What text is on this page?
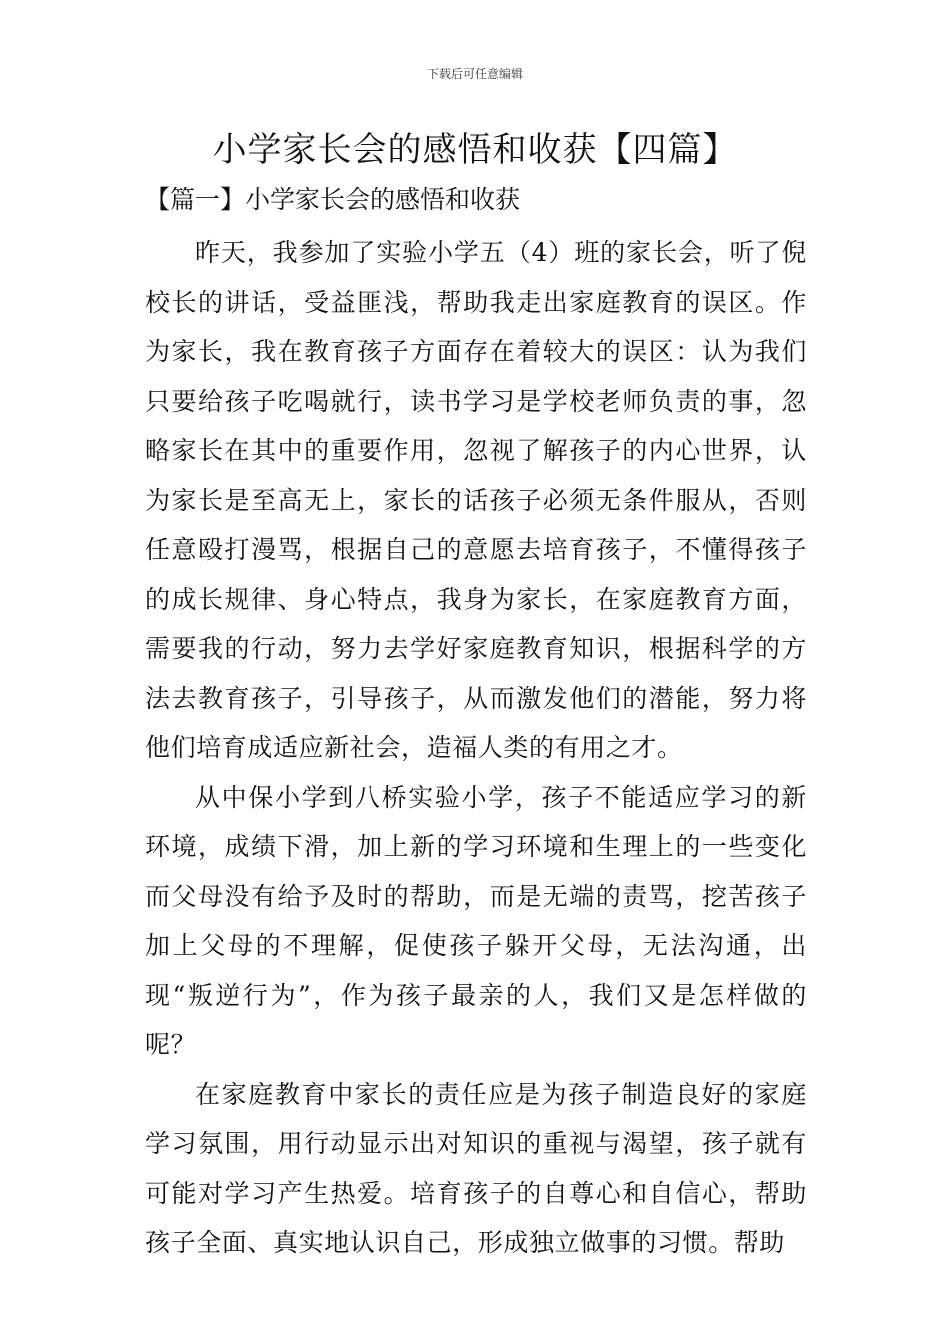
下载后可任意编辑
小学家长会的感悟和收获【四篇】
【篇一】小学家长会的感悟和收获

昨天，我参加了实验小学五（4）班的家长会，听了倪校长的讲话，受益匪浅，帮助我走出家庭教育的误区。作为家长，我在教育孩子方面存在着较大的误区：认为我们只要给孩子吃喝就行，读书学习是学校老师负责的事，忽略家长在其中的重要作用，忽视了解孩子的内心世界，认为家长是至高无上，家长的话孩子必须无条件服从，否则任意殴打漫骂，根据自己的意愿去培育孩子，不懂得孩子的成长规律、身心特点，我身为家长，在家庭教育方面，需要我的行动，努力去学好家庭教育知识，根据科学的方法去教育孩子，引导孩子，从而激发他们的潜能，努力将他们培育成适应新社会，造福人类的有用之才。

从中保小学到八桥实验小学，孩子不能适应学习的新环境，成绩下滑，加上新的学习环境和生理上的一些变化而父母没有给予及时的帮助，而是无端的责骂，挖苦孩子加上父母的不理解，促使孩子躲开父母，无法沟通，出现“叛逆行为”，作为孩子最亲的人，我们又是怎样做的呢？

在家庭教育中家长的责任应是为孩子制造良好的家庭学习氛围，用行动显示出对知识的重视与渴望，孩子就有可能对学习产生热爱。培育孩子的自尊心和自信心，帮助孩子全面、真实地认识自己，形成独立做事的习惯。帮助
